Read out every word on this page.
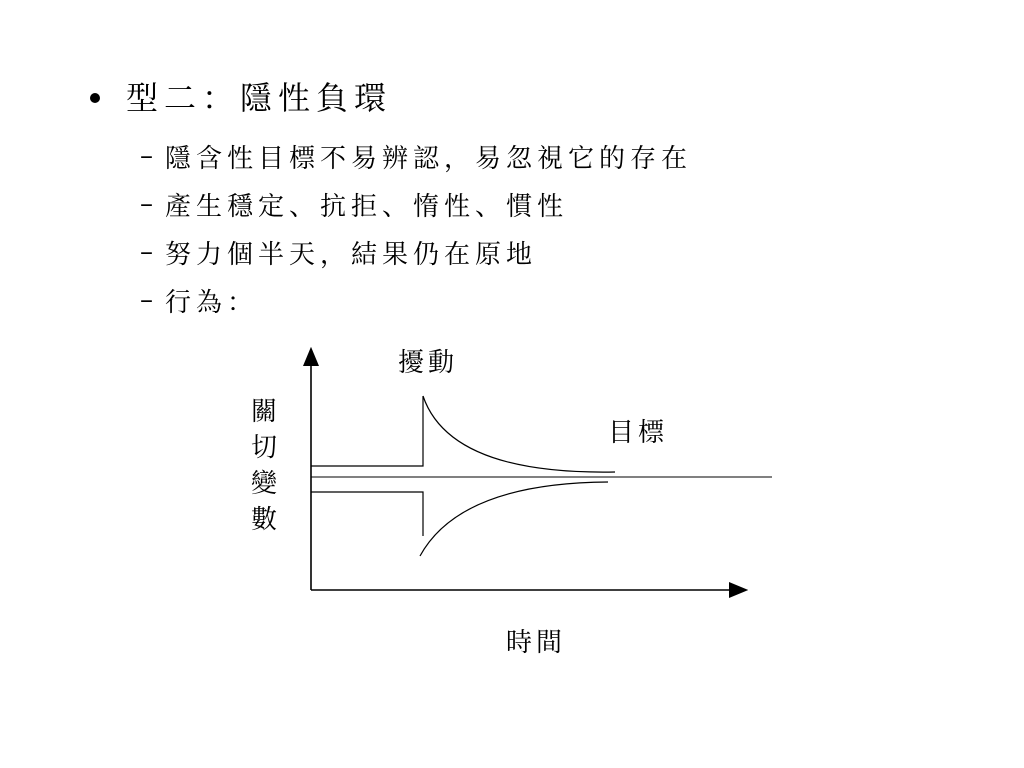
型二：隱性負環
– 隱含性目標不易辨認，易忽視它的存在
– 產生穩定、抗拒、惰性、慣性
– 努力個半天，結果仍在原地
– 行為：
擾動
目標
時間
關
切
變
數
